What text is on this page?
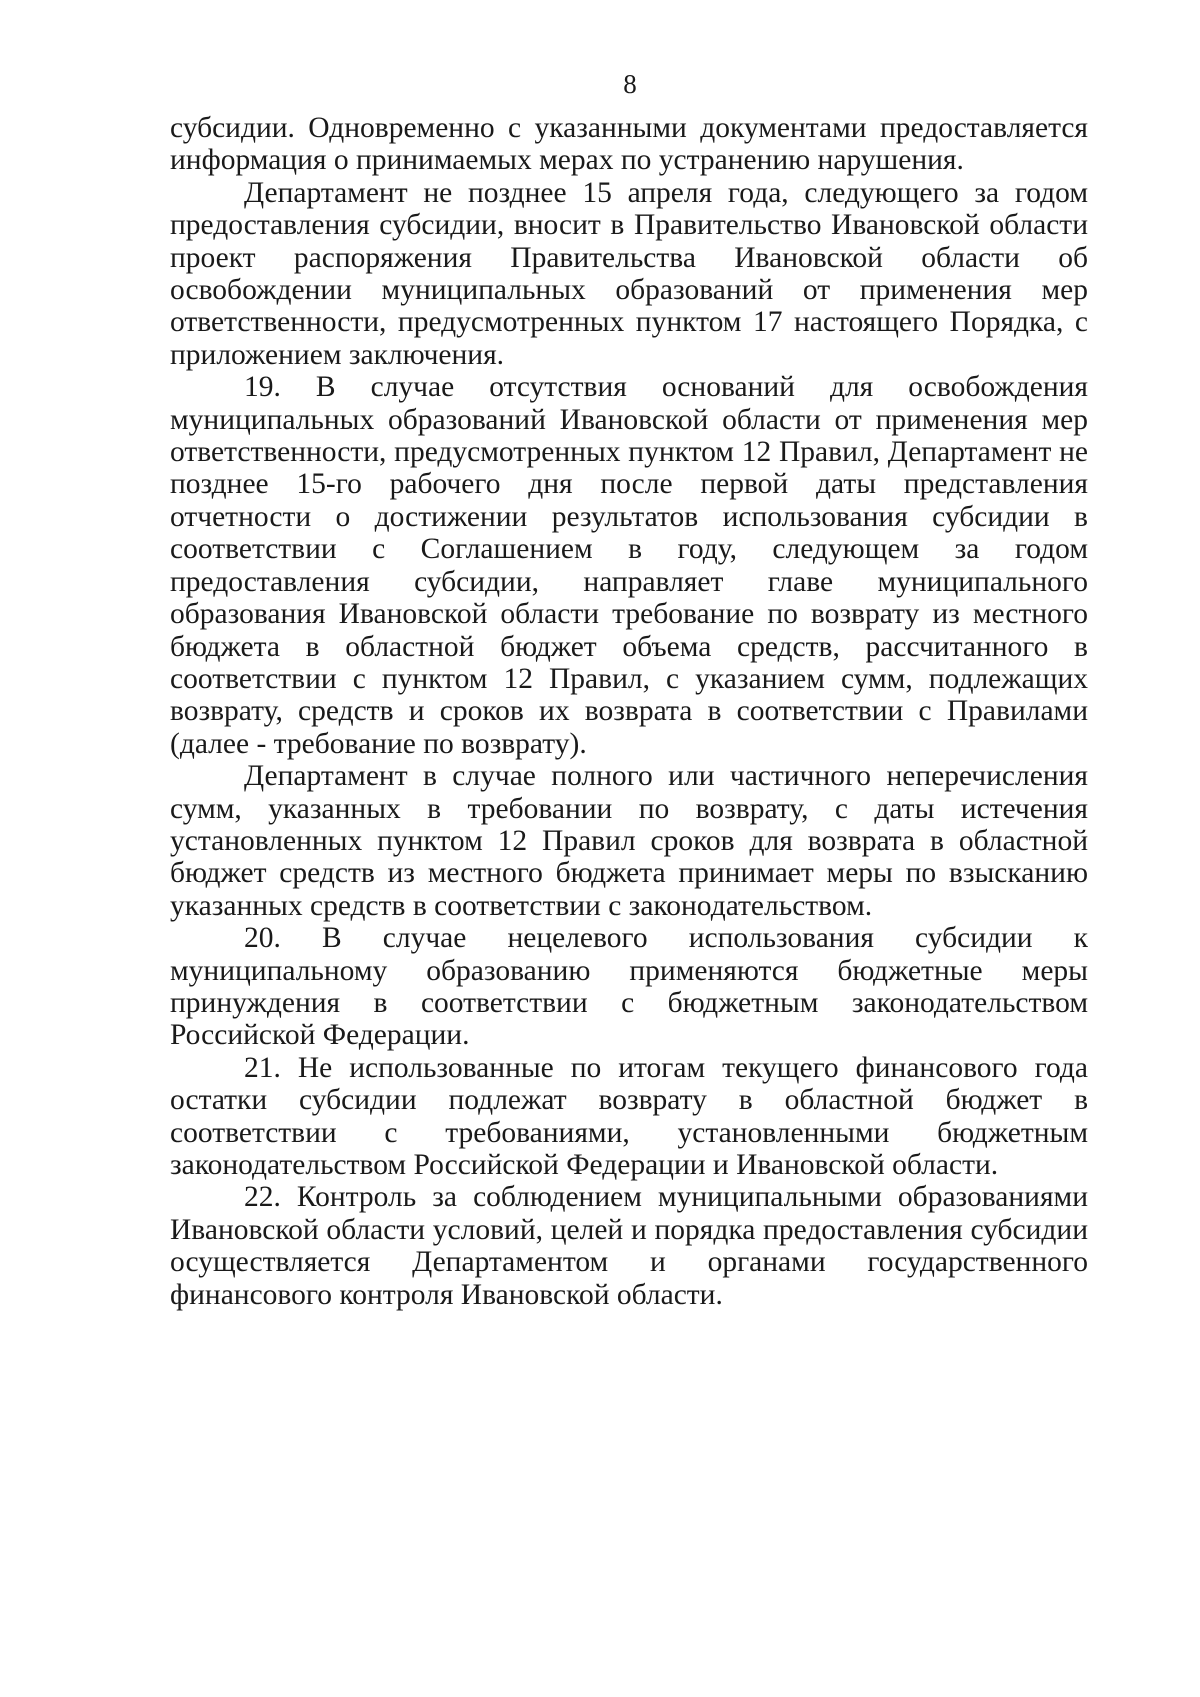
8

субсидии. Одновременно с указанными документами предоставляется информация о принимаемых мерах по устранению нарушения.

Департамент не позднее 15 апреля года, следующего за годом предоставления субсидии, вносит в Правительство Ивановской области проект распоряжения Правительства Ивановской области об освобождении муниципальных образований от применения мер ответственности, предусмотренных пунктом 17 настоящего Порядка, с приложением заключения.

19. В случае отсутствия оснований для освобождения муниципальных образований Ивановской области от применения мер ответственности, предусмотренных пунктом 12 Правил, Департамент не позднее 15-го рабочего дня после первой даты представления отчетности о достижении результатов использования субсидии в соответствии с Соглашением в году, следующем за годом предоставления субсидии, направляет главе муниципального образования Ивановской области требование по возврату из местного бюджета в областной бюджет объема средств, рассчитанного в соответствии с пунктом 12 Правил, с указанием сумм, подлежащих возврату, средств и сроков их возврата в соответствии с Правилами (далее - требование по возврату).

Департамент в случае полного или частичного неперечисления сумм, указанных в требовании по возврату, с даты истечения установленных пунктом 12 Правил сроков для возврата в областной бюджет средств из местного бюджета принимает меры по взысканию указанных средств в соответствии с законодательством.

20. В случае нецелевого использования субсидии к муниципальному образованию применяются бюджетные меры принуждения в соответствии с бюджетным законодательством Российской Федерации.

21. Не использованные по итогам текущего финансового года остатки субсидии подлежат возврату в областной бюджет в соответствии с требованиями, установленными бюджетным законодательством Российской Федерации и Ивановской области.

22. Контроль за соблюдением муниципальными образованиями Ивановской области условий, целей и порядка предоставления субсидии осуществляется Департаментом и органами государственного финансового контроля Ивановской области.
